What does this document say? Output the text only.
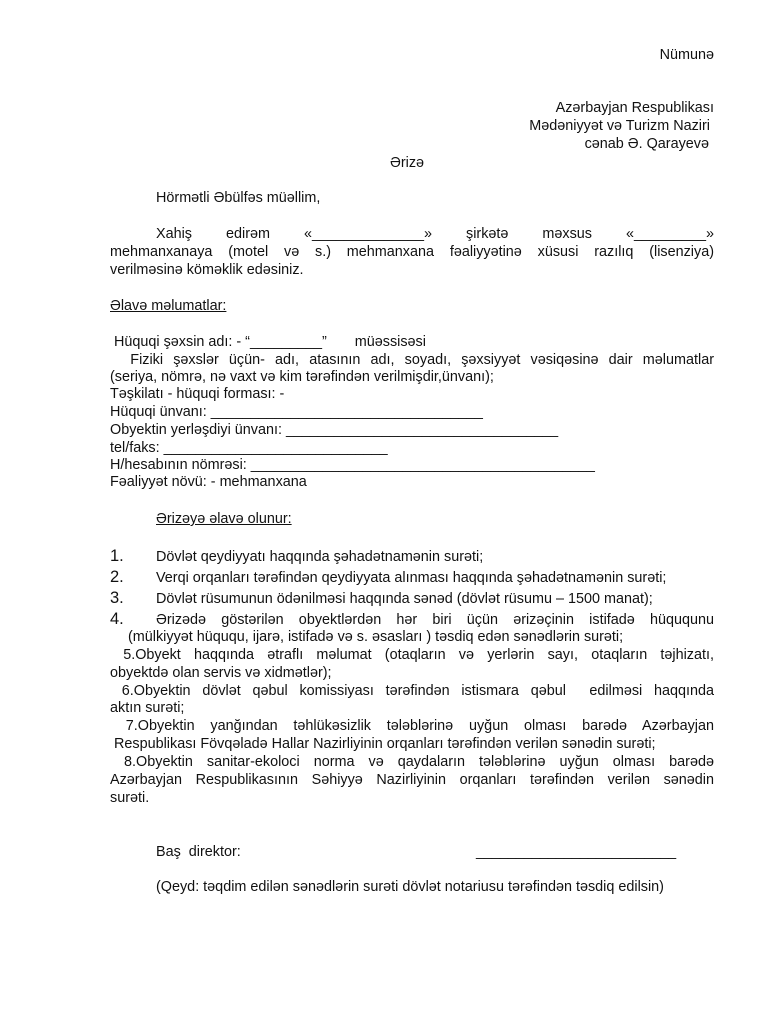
Nümunə
Azərbayjan Respublikası
Mədəniyyət və Turizm Naziri
cənab Ə. Qarayevə
Ərizə
Hörmətli Əbülfəs müəllim,
Xahiş edirəm «______________» şirkətə məxsus «_________»
mehmanxanaya (motel və s.) mehmanxana fəaliyyətinə xüsusi razılıq (lisenziya)
verilməsinə köməklik edəsiniz.
Əlavə məlumatlar:
Hüquqi şəxsin adı: - “_________”       müəssisəsi
Fiziki şəxslər üçün- adı, atasının adı, soyadı, şəxsiyyət vəsiqəsinə dair məlumatlar
(seriya, nömrə, nə vaxt və kim tərəfindən verilmişdir,ünvanı);
Təşkilatı - hüquqi forması: -
Hüquqi ünvanı: __________________________________
Obyektin yerləşdiyi ünvanı: __________________________________
tel/faks: ____________________________
H/hesabının nömrəsi: ___________________________________________
Fəaliyyət növü: - mehmanxana
Ərizəyə əlavə olunur:
1. Dövlət qeydiyyatı haqqında şəhadətnamənin surəti;
2. Verqi orqanları tərəfindən qeydiyyata alınması haqqında şəhadətnamənin surəti;
3. Dövlət rüsumunun ödənilməsi haqqında sənəd (dövlət rüsumu – 1500 manat);
4. Ərizədə göstərilən obyektlərdən hər biri üçün ərizəçinin istifadə hüququnu
(mülkiyyət hüququ, ijarə, istifadə və s. əsasları ) təsdiq edən sənədlərin surəti;
5.Obyekt haqqında ətraflı məlumat (otaqların və yerlərin sayı, otaqların təjhizatı,
obyektdə olan servis və xidmətlər);
6.Obyektin dövlət qəbul komissiyası tərəfindən istismara qəbul  edilməsi haqqında
aktın surəti;
7.Obyektin yanğından təhlükəsizlik tələblərinə uyğun olması barədə Azərbayjan
Respublikası Fövqəladə Hallar Nazirliyinin orqanları tərəfindən verilən sənədin surəti;
8.Obyektin sanitar-ekoloci norma və qaydaların tələblərinə uyğun olması barədə
Azərbayjan Respublikasının Səhiyyə Nazirliyinin orqanları tərəfindən verilən sənədin
surəti.
Baş  direktor:	_________________________
(Qeyd: təqdim edilən sənədlərin surəti dövlət notariusu tərəfindən təsdiq edilsin)
